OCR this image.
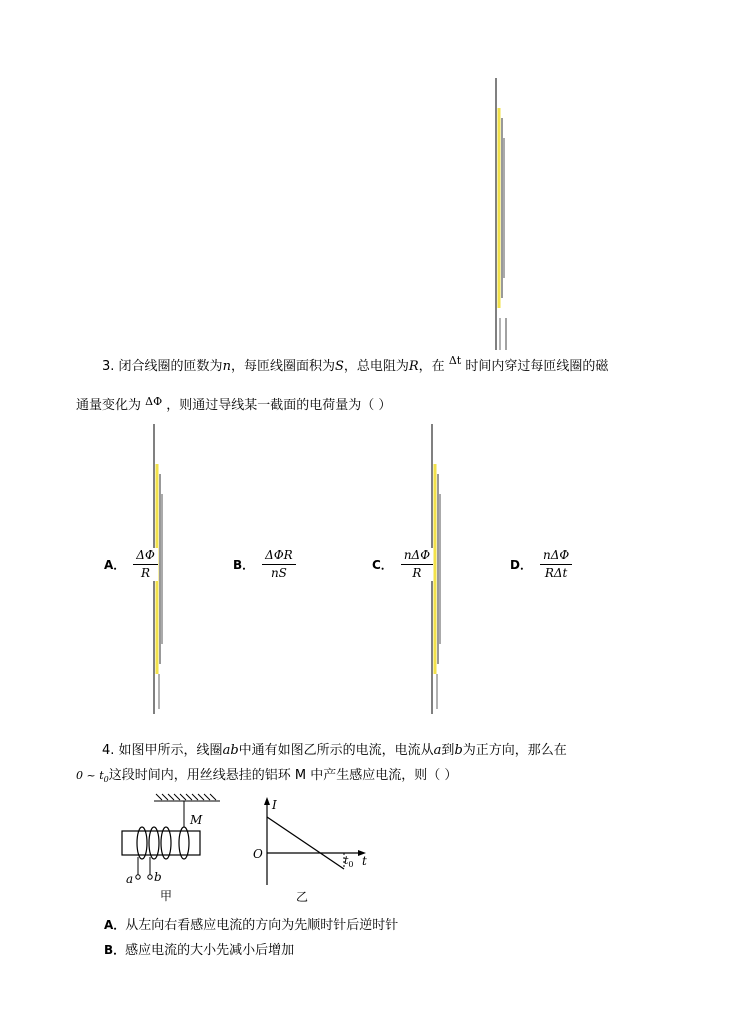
3. 闭合线圈的匝数为n，每匝线圈面积为S，总电阻为R，在 $^{\Delta t}$ 时间内穿过每匝线圈的磁
通量变化为 $^{\Delta\Phi}$ ，则通过导线某一截面的电荷量为（ ）
A． $\frac{\Delta\Phi}{R}$	B． $\frac{\text{ΔΦR}}{nS}$	C． $\frac{\text{nΔΦ}}{R}$	D． $\frac{\text{nΔΦ}}{\text{RΔt}}$
4. 如图甲所示，线圈ab中通有如图乙所示的电流，电流从a到b为正方向，那么在
0 ~ $t_0$这段时间内，用丝线悬挂的铝环 M 中产生感应电流，则（ ）
M
a b
甲
I
O	$t_0$ t
乙
A．从左向右看感应电流的方向为先顺时针后逆时针
B．感应电流的大小先减小后增加
